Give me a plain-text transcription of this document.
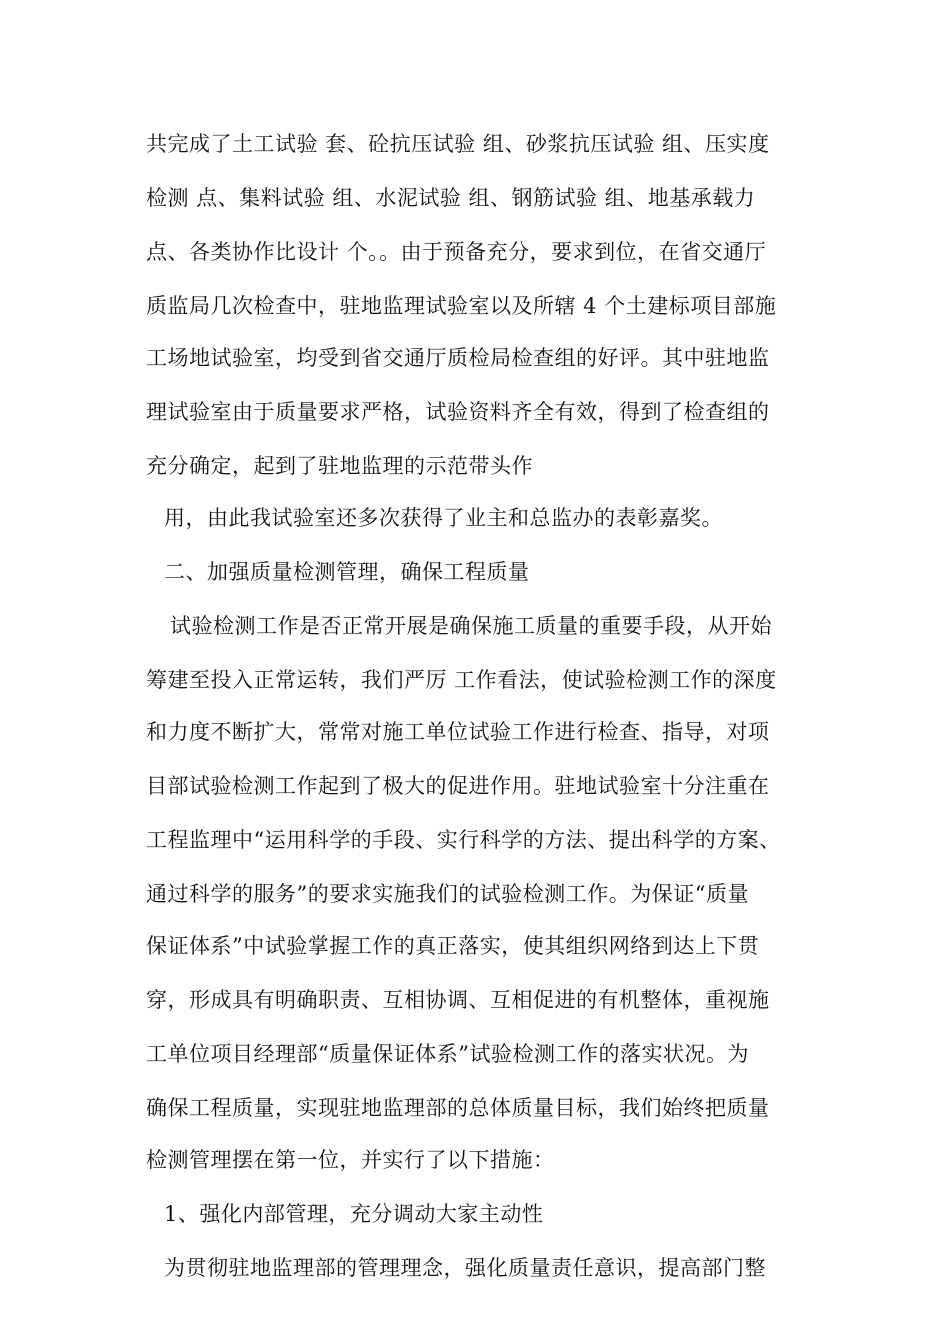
共完成了土工试验 套、砼抗压试验 组、砂浆抗压试验 组、压实度
检测 点、集料试验 组、水泥试验 组、钢筋试验 组、地基承载力
点、各类协作比设计 个。。由于预备充分，要求到位，在省交通厅
质监局几次检查中，驻地监理试验室以及所辖 4 个土建标项目部施
工场地试验室，均受到省交通厅质检局检查组的好评。其中驻地监
理试验室由于质量要求严格，试验资料齐全有效，得到了检查组的
充分确定，起到了驻地监理的示范带头作
用，由此我试验室还多次获得了业主和总监办的表彰嘉奖。
二、加强质量检测管理，确保工程质量
试验检测工作是否正常开展是确保施工质量的重要手段，从开始
筹建至投入正常运转，我们严厉 工作看法，使试验检测工作的深度
和力度不断扩大，常常对施工单位试验工作进行检查、指导，对项
目部试验检测工作起到了极大的促进作用。驻地试验室十分注重在
工程监理中“运用科学的手段、实行科学的方法、提出科学的方案、
通过科学的服务”的要求实施我们的试验检测工作。为保证“质量
保证体系”中试验掌握工作的真正落实，使其组织网络到达上下贯
穿，形成具有明确职责、互相协调、互相促进的有机整体，重视施
工单位项目经理部“质量保证体系”试验检测工作的落实状况。为
确保工程质量，实现驻地监理部的总体质量目标，我们始终把质量
检测管理摆在第一位，并实行了以下措施：
1、强化内部管理，充分调动大家主动性
为贯彻驻地监理部的管理理念，强化质量责任意识，提高部门整
